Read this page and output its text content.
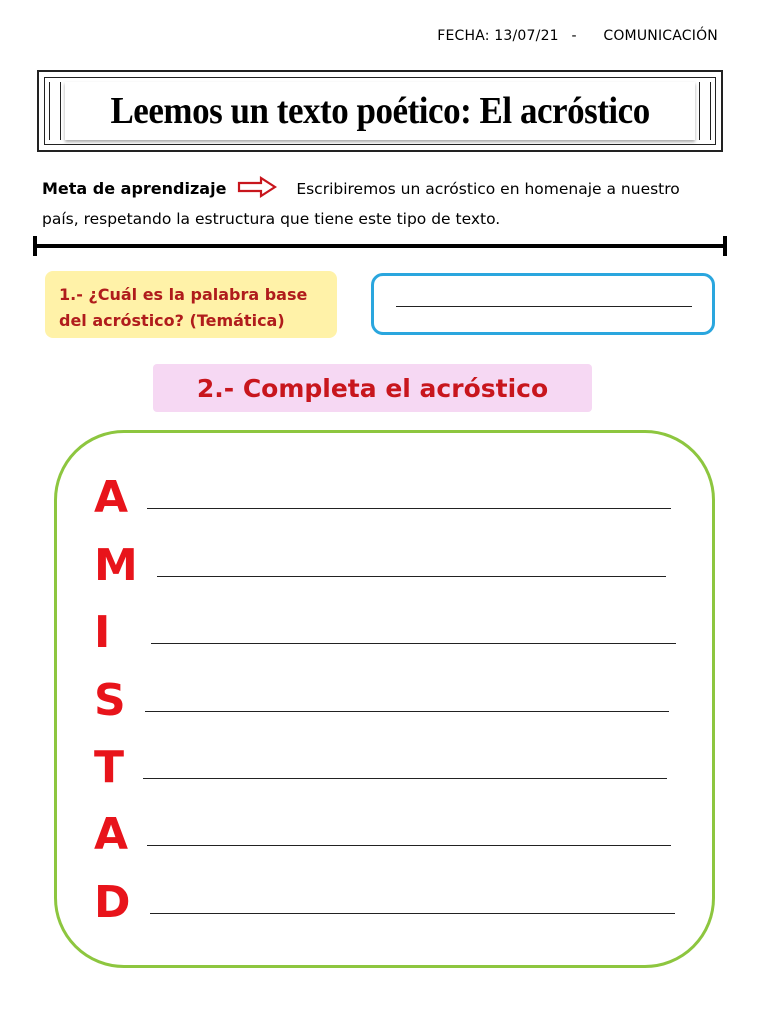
FECHA: 13/07/21 - COMUNICACIÓN
Leemos un texto poético: El acróstico
Meta de aprendizaje	Escribiremos un acróstico en homenaje a nuestro
país, respetando la estructura que tiene este tipo de texto.
1.- ¿Cuál es la palabra base
del acróstico? (Temática)
2.- Completa el acróstico
A
M
I
S
T
A
D
